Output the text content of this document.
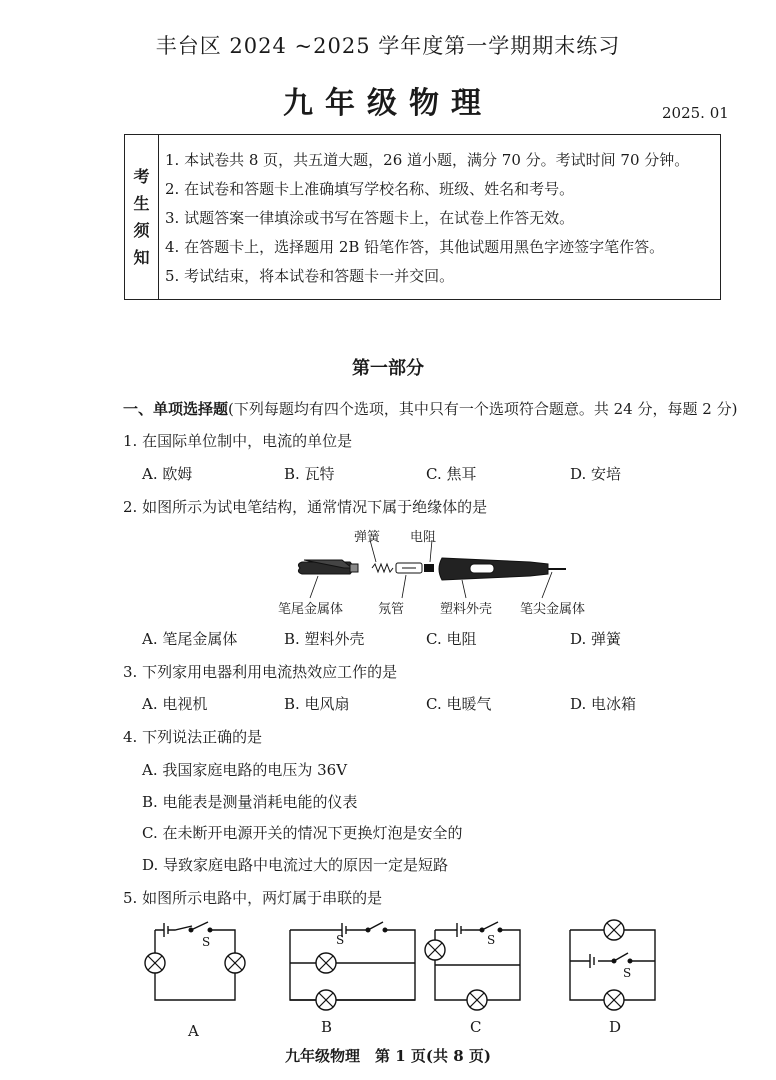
丰台区 2024 ~2025 学年度第一学期期末练习
九年级物理	2025. 01
考
生
须
知
1. 本试卷共 8 页，共五道大题，26 道小题，满分 70 分。考试时间 70 分钟。
2. 在试卷和答题卡上准确填写学校名称、班级、姓名和考号。
3. 试题答案一律填涂或书写在答题卡上，在试卷上作答无效。
4. 在答题卡上，选择题用 2B 铅笔作答，其他试题用黑色字迹签字笔作答。
5. 考试结束，将本试卷和答题卡一并交回。
第一部分
一、单项选择题(下列每题均有四个选项，其中只有一个选项符合题意。共 24 分，每题 2 分)
1. 在国际单位制中，电流的单位是
A. 欧姆	B. 瓦特	C. 焦耳	D. 安培
2. 如图所示为试电笔结构，通常情况下属于绝缘体的是
弹簧 电阻
笔尾金属体	氖管	塑料外壳 笔尖金属体
A. 笔尾金属体	B. 塑料外壳	C. 电阻	D. 弹簧
3. 下列家用电器利用电流热效应工作的是
A. 电视机	B. 电风扇	C. 电暖气	D. 电冰箱
4. 下列说法正确的是
A. 我国家庭电路的电压为 36V
B. 电能表是测量消耗电能的仪表
C. 在未断开电源开关的情况下更换灯泡是安全的
D. 导致家庭电路中电流过大的原因一定是短路
5. 如图所示电路中，两灯属于串联的是
S	S	S
S
A	B	C	D
九年级物理　第 1 页(共 8 页)
